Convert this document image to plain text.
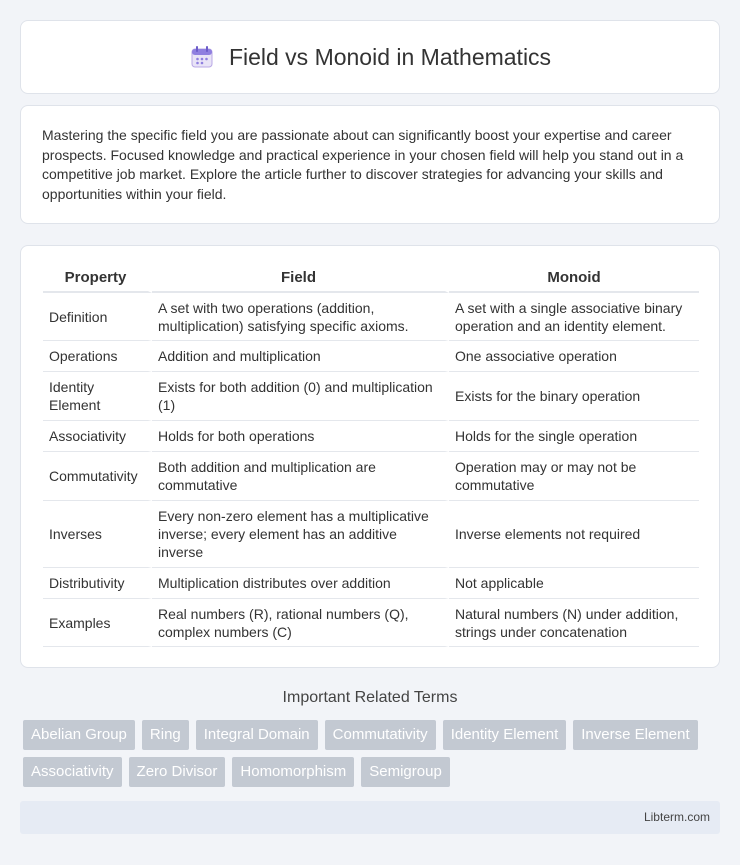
Field vs Monoid in Mathematics

Mastering the specific field you are passionate about can significantly boost your expertise and career prospects. Focused knowledge and practical experience in your chosen field will help you stand out in a competitive job market. Explore the article further to discover strategies for advancing your skills and opportunities within your field.

Property	Field	Monoid
Definition	A set with two operations (addition, multiplication) satisfying specific axioms.	A set with a single associative binary operation and an identity element.
Operations	Addition and multiplication	One associative operation
Identity Element	Exists for both addition (0) and multiplication (1)	Exists for the binary operation
Associativity	Holds for both operations	Holds for the single operation
Commutativity	Both addition and multiplication are commutative	Operation may or may not be commutative
Inverses	Every non-zero element has a multiplicative inverse; every element has an additive inverse	Inverse elements not required
Distributivity	Multiplication distributes over addition	Not applicable
Examples	Real numbers (R), rational numbers (Q), complex numbers (C)	Natural numbers (N) under addition, strings under concatenation
Important Related Terms
Abelian Group	Ring	Integral Domain	Commutativity	Identity Element	Inverse Element
Associativity	Zero Divisor	Homomorphism	Semigroup
Libterm.com
